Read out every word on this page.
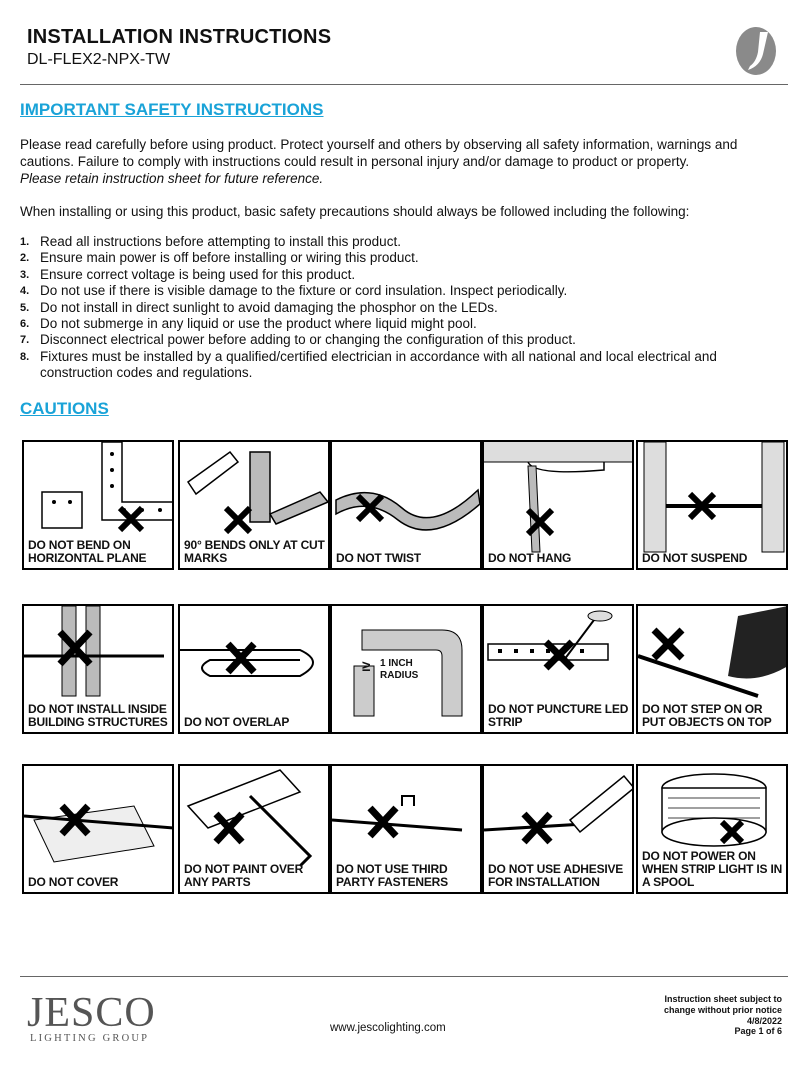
INSTALLATION INSTRUCTIONS
DL-FLEX2-NPX-TW
IMPORTANT SAFETY INSTRUCTIONS
Please read carefully before using product. Protect yourself and others by observing all safety information, warnings and cautions. Failure to comply with instructions could result in personal injury and/or damage to product or property.
Please retain instruction sheet for future reference.
When installing or using this product, basic safety precautions should always be followed including the following:
1. Read all instructions before attempting to install this product.
2. Ensure main power is off before installing or wiring this product.
3. Ensure correct voltage is being used for this product.
4. Do not use if there is visible damage to the fixture or cord insulation. Inspect periodically.
5. Do not install in direct sunlight to avoid damaging the phosphor on the LEDs.
6. Do not submerge in any liquid or use the product where liquid might pool.
7. Disconnect electrical power before adding to or changing the configuration of this product.
8. Fixtures must be installed by a qualified/certified electrician in accordance with all national and local electrical and construction codes and regulations.
CAUTIONS
DO NOT BEND ON HORIZONTAL PLANE
90° BENDS ONLY AT CUT MARKS	DO NOT TWIST	DO NOT HANG	DO NOT SUSPEND
DO NOT INSTALL INSIDE BUILDING STRUCTURES	DO NOT OVERLAP
≥ 1 INCH
RADIUS
DO NOT PUNCTURE LED STRIP
DO NOT STEP ON OR PUT OBJECTS ON TOP
DO NOT COVER
DO NOT PAINT OVER ANY PARTS
DO NOT USE THIRD PARTY FASTENERS
DO NOT USE ADHESIVE FOR INSTALLATION
DO NOT POWER ON WHEN STRIP LIGHT IS IN A SPOOL
JESCO
LIGHTING GROUP
www.jescolighting.com
Instruction sheet subject to
change without prior notice
4/8/2022
Page 1 of 6
